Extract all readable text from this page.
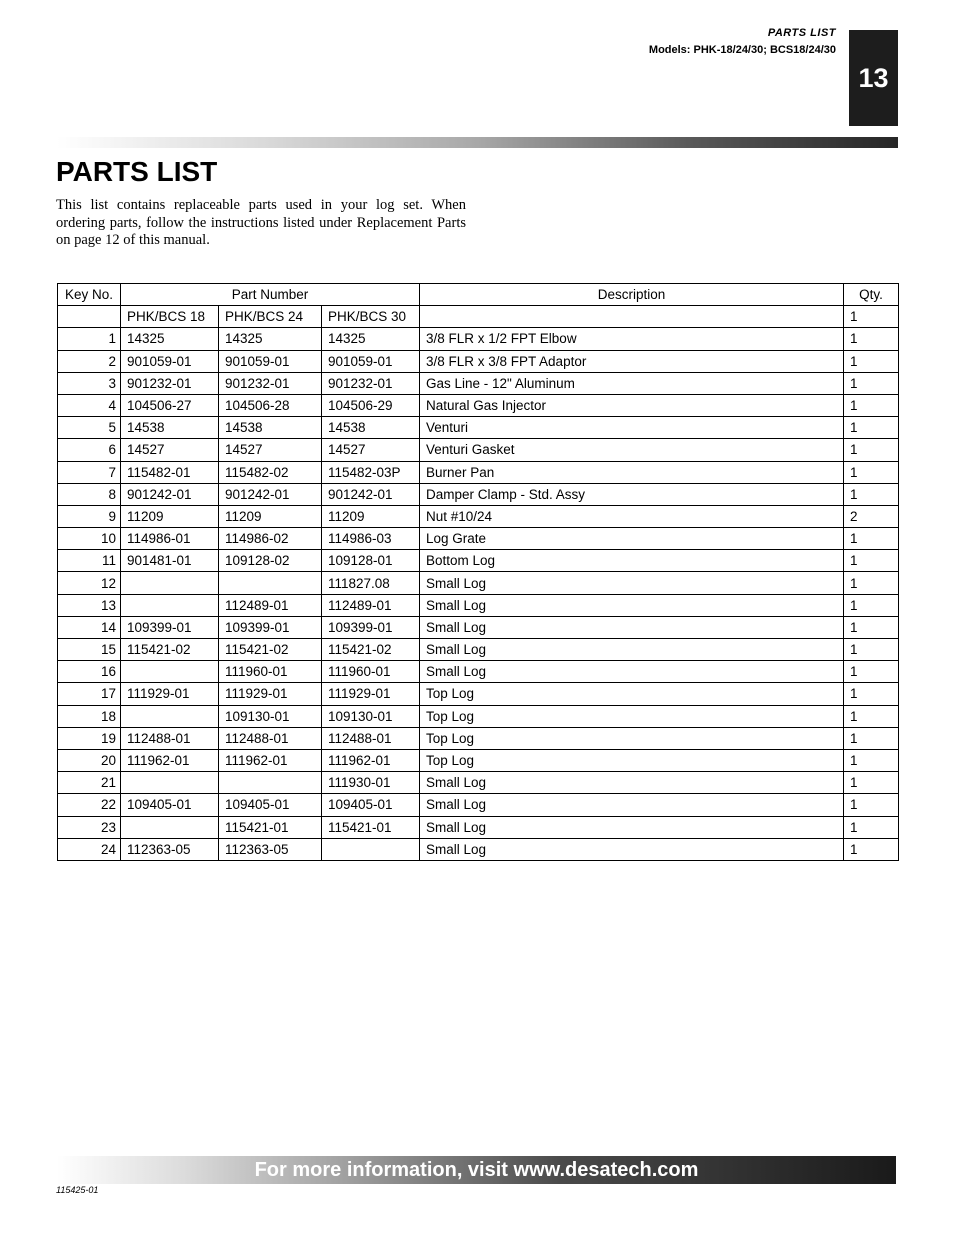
PARTS LIST
Models: PHK-18/24/30; BCS18/24/30
13
PARTS LIST

This list contains replaceable parts used in your log set. When ordering parts, follow the instructions listed under Replacement Parts on page 12 of this manual.

Key No.	Part Number			Description	Qty.
	PHK/BCS 18	PHK/BCS 24	PHK/BCS 30		1
1	14325	14325	14325	3/8 FLR x 1/2 FPT Elbow	1
2	901059-01	901059-01	901059-01	3/8 FLR x 3/8 FPT Adaptor	1
3	901232-01	901232-01	901232-01	Gas Line - 12" Aluminum	1
4	104506-27	104506-28	104506-29	Natural Gas Injector	1
5	14538	14538	14538	Venturi	1
6	14527	14527	14527	Venturi Gasket	1
7	115482-01	115482-02	115482-03P	Burner Pan	1
8	901242-01	901242-01	901242-01	Damper Clamp - Std. Assy	1
9	11209	11209	11209	Nut #10/24	2
10	114986-01	114986-02	114986-03	Log Grate	1
11	901481-01	109128-02	109128-01	Bottom Log	1
12			111827.08	Small Log	1
13		112489-01	112489-01	Small Log	1
14	109399-01	109399-01	109399-01	Small Log	1
15	115421-02	115421-02	115421-02	Small Log	1
16		111960-01	111960-01	Small Log	1
17	111929-01	111929-01	111929-01	Top Log	1
18		109130-01	109130-01	Top Log	1
19	112488-01	112488-01	112488-01	Top Log	1
20	111962-01	111962-01	111962-01	Top Log	1
21			111930-01	Small Log	1
22	109405-01	109405-01	109405-01	Small Log	1
23		115421-01	115421-01	Small Log	1
24	112363-05	112363-05		Small Log	1
For more information, visit www.desatech.com
115425-01
